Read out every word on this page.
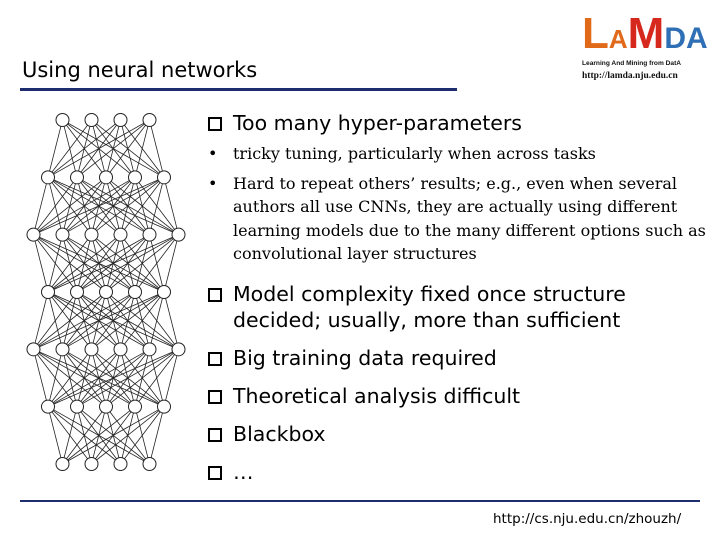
Using neural networks
LAMDA
Learning And Mining from DatA
http://lamda.nju.edu.cn
Too many hyper-parameters
• tricky tuning, particularly when across tasks
• Hard to repeat others’ results; e.g., even when several authors all use CNNs, they are actually using different learning models due to the many different options such as convolutional layer structures
Model complexity fixed once structure decided; usually, more than sufficient
Big training data required
Theoretical analysis difficult
Blackbox
…
http://cs.nju.edu.cn/zhouzh/
